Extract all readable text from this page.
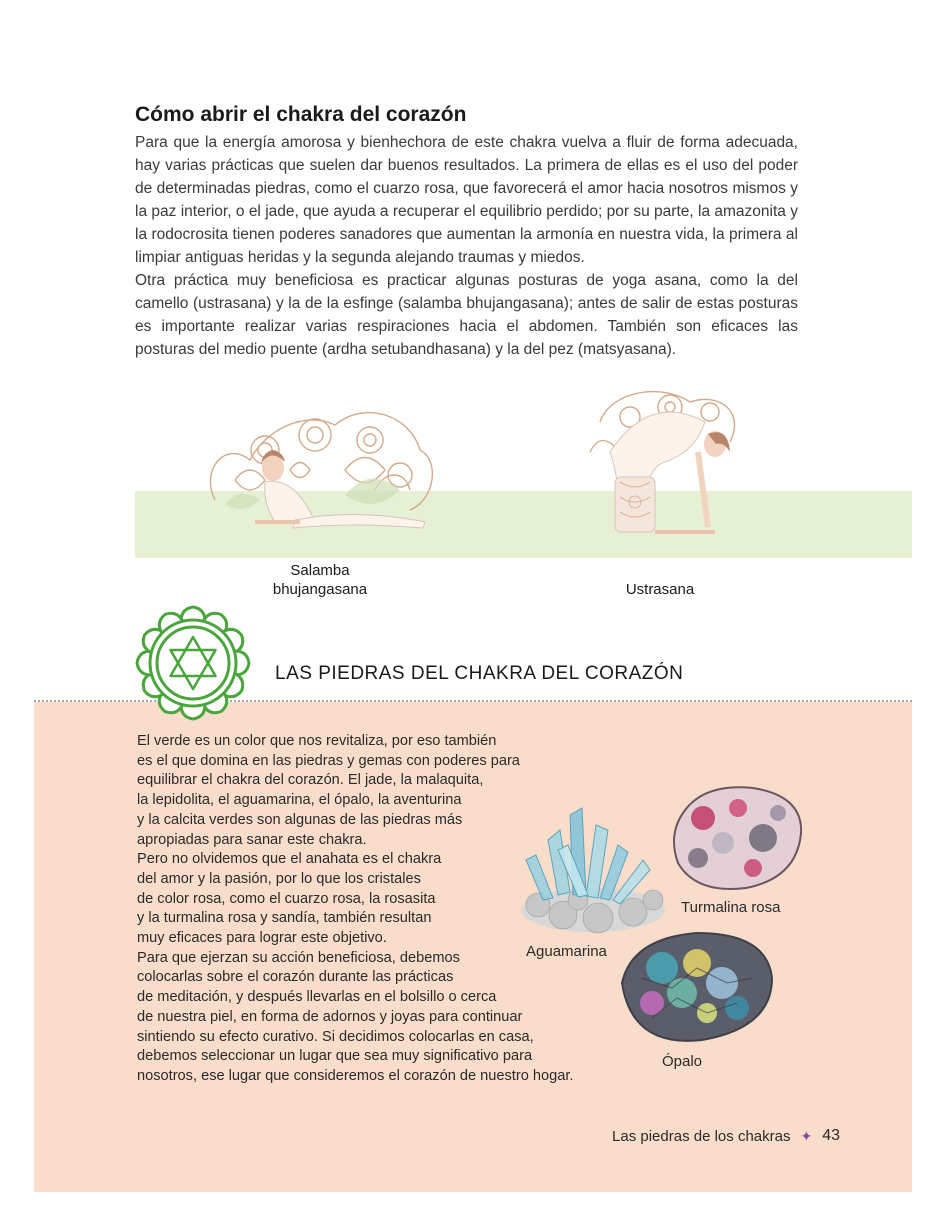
Cómo abrir el chakra del corazón

Para que la energía amorosa y bienhechora de este chakra vuelva a fluir de forma adecuada, hay varias prácticas que suelen dar buenos resultados. La primera de ellas es el uso del poder de determinadas piedras, como el cuarzo rosa, que favorecerá el amor hacia nosotros mismos y la paz interior, o el jade, que ayuda a recuperar el equilibrio perdido; por su parte, la amazonita y la rodocrosita tienen poderes sanadores que aumentan la armonía en nuestra vida, la primera al limpiar antiguas heridas y la segunda alejando traumas y miedos.

Otra práctica muy beneficiosa es practicar algunas posturas de yoga asana, como la del camello (ustrasana) y la de la esfinge (salamba bhujangasana); antes de salir de estas posturas es importante realizar varias respiraciones hacia el abdomen. También son eficaces las posturas del medio puente (ardha setubandhasana) y la del pez (matsyasana).

Salamba
bhujangasana	Ustrasana
LAS PIEDRAS DEL CHAKRA DEL CORAZÓN
El verde es un color que nos revitaliza, por eso también
es el que domina en las piedras y gemas con poderes para
equilibrar el chakra del corazón. El jade, la malaquita,
la lepidolita, el aguamarina, el ópalo, la aventurina
y la calcita verdes son algunas de las piedras más
apropiadas para sanar este chakra.
Pero no olvidemos que el anahata es el chakra
del amor y la pasión, por lo que los cristales
de color rosa, como el cuarzo rosa, la rosasita
y la turmalina rosa y sandía, también resultan
muy eficaces para lograr este objetivo.
Para que ejerzan su acción beneficiosa, debemos
colocarlas sobre el corazón durante las prácticas
de meditación, y después llevarlas en el bolsillo o cerca
de nuestra piel, en forma de adornos y joyas para continuar
sintiendo su efecto curativo. Si decidimos colocarlas en casa,
debemos seleccionar un lugar que sea muy significativo para
nosotros, ese lugar que consideremos el corazón de nuestro hogar.
Aguamarina
Turmalina rosa
Ópalo
Las piedras de los chakras ✦ 43
